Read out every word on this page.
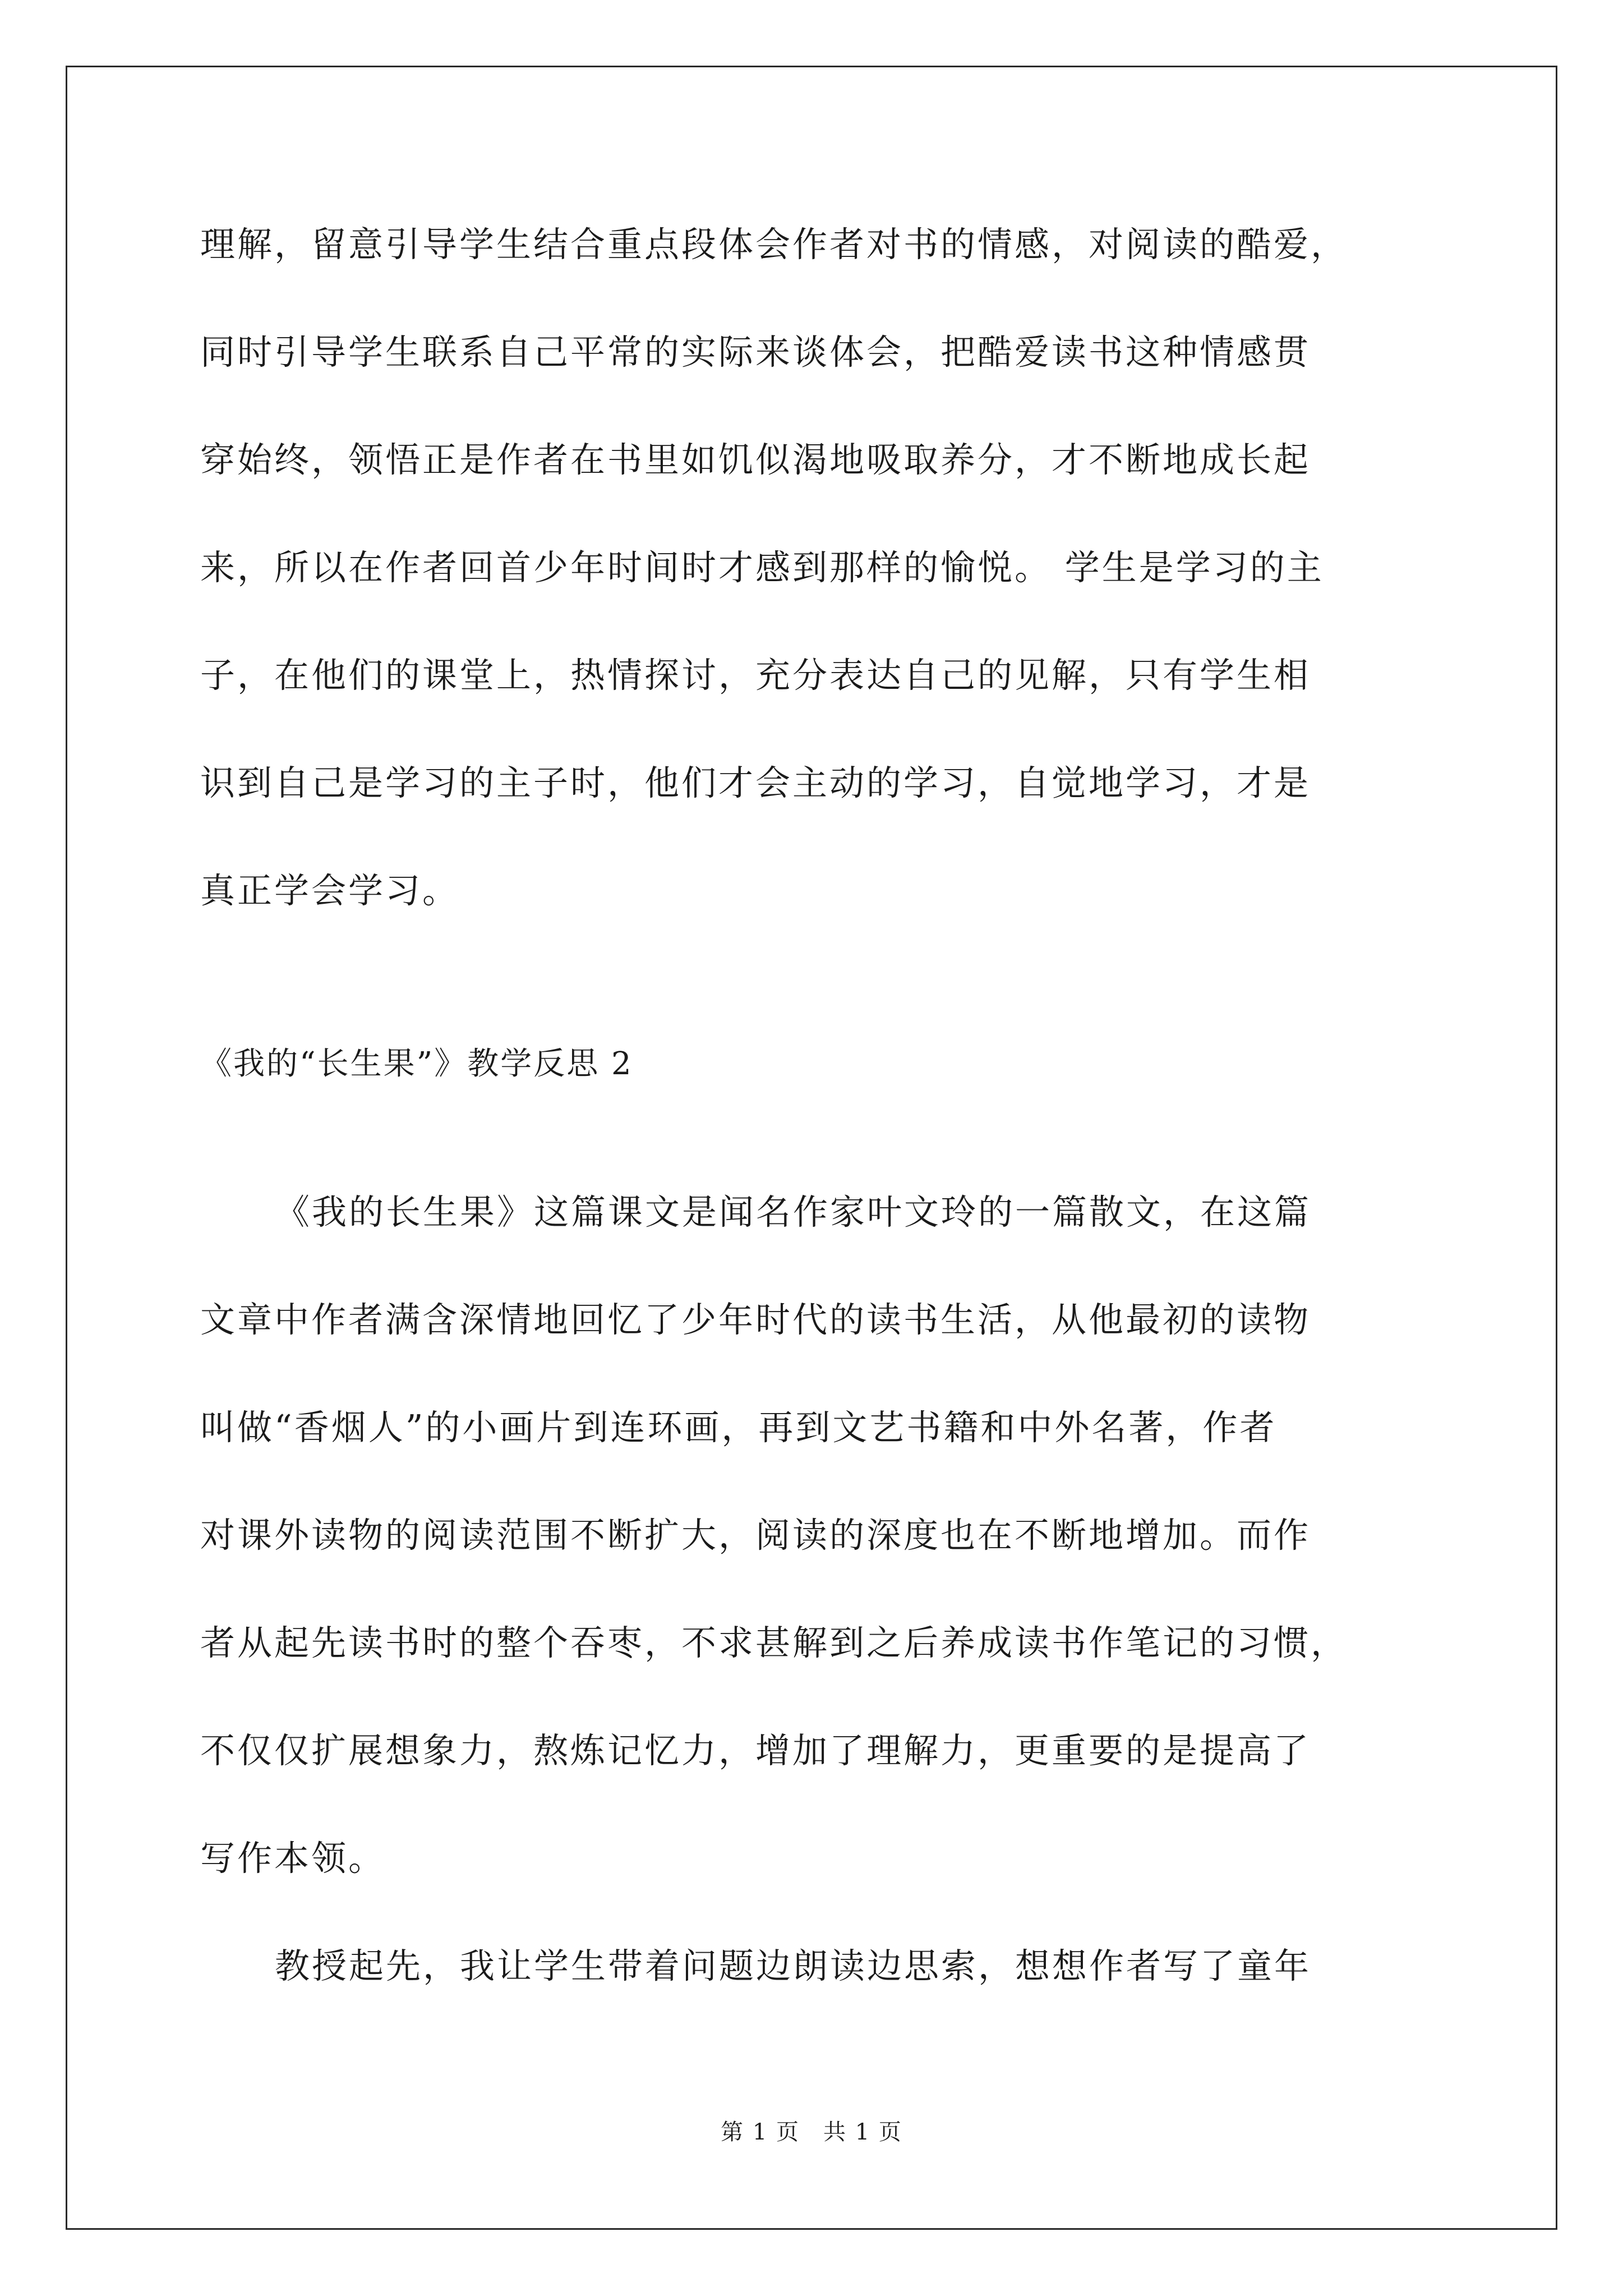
理解，留意引导学生结合重点段体会作者对书的情感，对阅读的酷爱，
同时引导学生联系自己平常的实际来谈体会，把酷爱读书这种情感贯
穿始终，领悟正是作者在书里如饥似渴地吸取养分，才不断地成长起
来，所以在作者回首少年时间时才感到那样的愉悦。 学生是学习的主
子，在他们的课堂上，热情探讨，充分表达自己的见解，只有学生相
识到自己是学习的主子时，他们才会主动的学习，自觉地学习，才是
真正学会学习。
《我的“长生果”》教学反思 2
《我的长生果》这篇课文是闻名作家叶文玲的一篇散文，在这篇
文章中作者满含深情地回忆了少年时代的读书生活，从他最初的读物
叫做“香烟人”的小画片到连环画，再到文艺书籍和中外名著，作者
对课外读物的阅读范围不断扩大，阅读的深度也在不断地增加。而作
者从起先读书时的整个吞枣，不求甚解到之后养成读书作笔记的习惯，
不仅仅扩展想象力，熬炼记忆力，增加了理解力，更重要的是提高了
写作本领。
教授起先，我让学生带着问题边朗读边思索，想想作者写了童年
第 1 页　共 1 页
